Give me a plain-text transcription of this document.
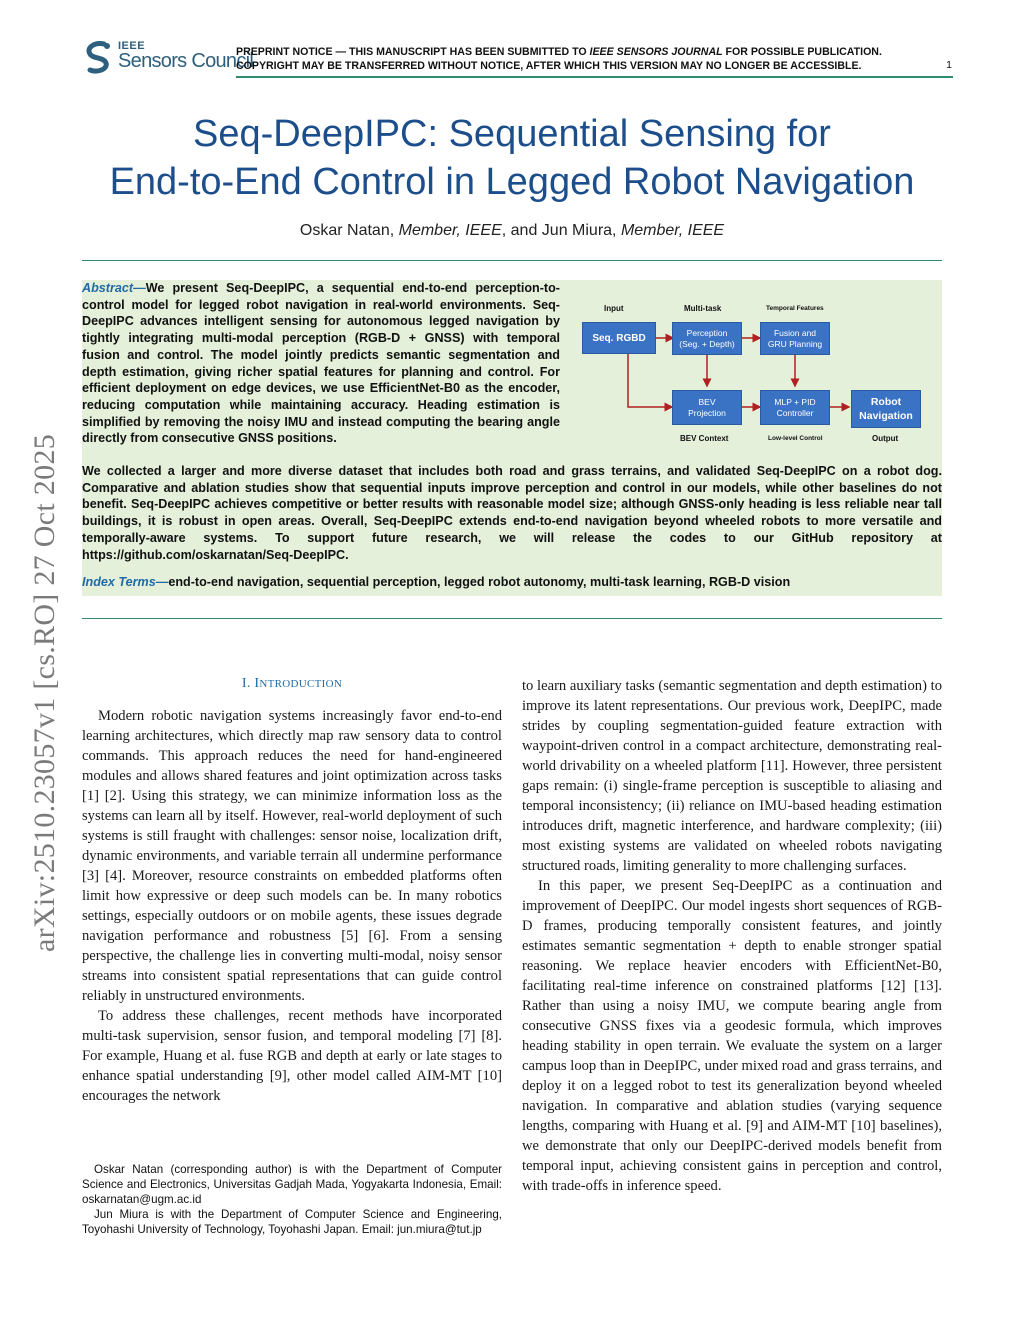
IEEE
Sensors Council
PREPRINT NOTICE — THIS MANUSCRIPT HAS BEEN SUBMITTED TO IEEE SENSORS JOURNAL FOR POSSIBLE PUBLICATION.
COPYRIGHT MAY BE TRANSFERRED WITHOUT NOTICE, AFTER WHICH THIS VERSION MAY NO LONGER BE ACCESSIBLE.	1
arXiv:2510.23057v1 [cs.RO] 27 Oct 2025
Seq-DeepIPC: Sequential Sensing for
End-to-End Control in Legged Robot Navigation
Oskar Natan, Member, IEEE, and Jun Miura, Member, IEEE
Abstract—We present Seq-DeepIPC, a sequential end-to-end perception-to-control model for legged robot navigation in real-world environments. Seq-DeepIPC advances intelligent sensing for autonomous legged navigation by tightly integrating multi-modal perception (RGB-D + GNSS) with temporal fusion and control. The model jointly predicts semantic segmentation and depth estimation, giving richer spatial features for planning and control. For efficient deployment on edge devices, we use EfficientNet-B0 as the encoder, reducing computation while maintaining accuracy. Heading estimation is simplified by removing the noisy IMU and instead computing the bearing angle directly from consecutive GNSS positions.
We collected a larger and more diverse dataset that includes both road and grass terrains, and validated Seq-DeepIPC on a robot dog. Comparative and ablation studies show that sequential inputs improve perception and control in our models, while other baselines do not benefit. Seq-DeepIPC achieves competitive or better results with reasonable model size; although GNSS-only heading is less reliable near tall buildings, it is robust in open areas. Overall, Seq-DeepIPC extends end-to-end navigation beyond wheeled robots to more versatile and temporally-aware systems. To support future research, we will release the codes to our GitHub repository at https://github.com/oskarnatan/Seq-DeepIPC.
Index Terms—end-to-end navigation, sequential perception, legged robot autonomy, multi-task learning, RGB-D vision
Input	Multi-task	Temporal Features
Seq. RGBD	Perception
(Seg. + Depth)
Fusion and
GRU Planning
BEV
Projection
MLP + PID
Controller
Robot
Navigation
BEV Context	Low-level Control	Output
I. INTRODUCTION

Modern robotic navigation systems increasingly favor end-to-end learning architectures, which directly map raw sensory data to control commands. This approach reduces the need for hand-engineered modules and allows shared features and joint optimization across tasks [1] [2]. Using this strategy, we can minimize information loss as the systems can learn all by itself. However, real-world deployment of such systems is still fraught with challenges: sensor noise, localization drift, dynamic environments, and variable terrain all undermine performance [3] [4]. Moreover, resource constraints on embedded platforms often limit how expressive or deep such models can be. In many robotics settings, especially outdoors or on mobile agents, these issues degrade navigation performance and robustness [5] [6]. From a sensing perspective, the challenge lies in converting multi-modal, noisy sensor streams into consistent spatial representations that can guide control reliably in unstructured environments.

To address these challenges, recent methods have incorporated multi-task supervision, sensor fusion, and temporal modeling [7] [8]. For example, Huang et al. fuse RGB and depth at early or late stages to enhance spatial understanding [9], other model called AIM-MT [10] encourages the network

Oskar Natan (corresponding author) is with the Department of Computer Science and Electronics, Universitas Gadjah Mada, Yogyakarta Indonesia, Email: oskarnatan@ugm.ac.id

Jun Miura is with the Department of Computer Science and Engineering, Toyohashi University of Technology, Toyohashi Japan. Email: jun.miura@tut.jp

to learn auxiliary tasks (semantic segmentation and depth estimation) to improve its latent representations. Our previous work, DeepIPC, made strides by coupling segmentation-guided feature extraction with waypoint-driven control in a compact architecture, demonstrating real-world drivability on a wheeled platform [11]. However, three persistent gaps remain: (i) single-frame perception is susceptible to aliasing and temporal inconsistency; (ii) reliance on IMU-based heading estimation introduces drift, magnetic interference, and hardware complexity; (iii) most existing systems are validated on wheeled robots navigating structured roads, limiting generality to more challenging surfaces.

In this paper, we present Seq-DeepIPC as a continuation and improvement of DeepIPC. Our model ingests short sequences of RGB-D frames, producing temporally consistent features, and jointly estimates semantic segmentation + depth to enable stronger spatial reasoning. We replace heavier encoders with EfficientNet-B0, facilitating real-time inference on constrained platforms [12] [13]. Rather than using a noisy IMU, we compute bearing angle from consecutive GNSS fixes via a geodesic formula, which improves heading stability in open terrain. We evaluate the system on a larger campus loop than in DeepIPC, under mixed road and grass terrains, and deploy it on a legged robot to test its generalization beyond wheeled navigation. In comparative and ablation studies (varying sequence lengths, comparing with Huang et al. [9] and AIM-MT [10] baselines), we demonstrate that only our DeepIPC-derived models benefit from temporal input, achieving consistent gains in perception and control, with trade-offs in inference speed.
